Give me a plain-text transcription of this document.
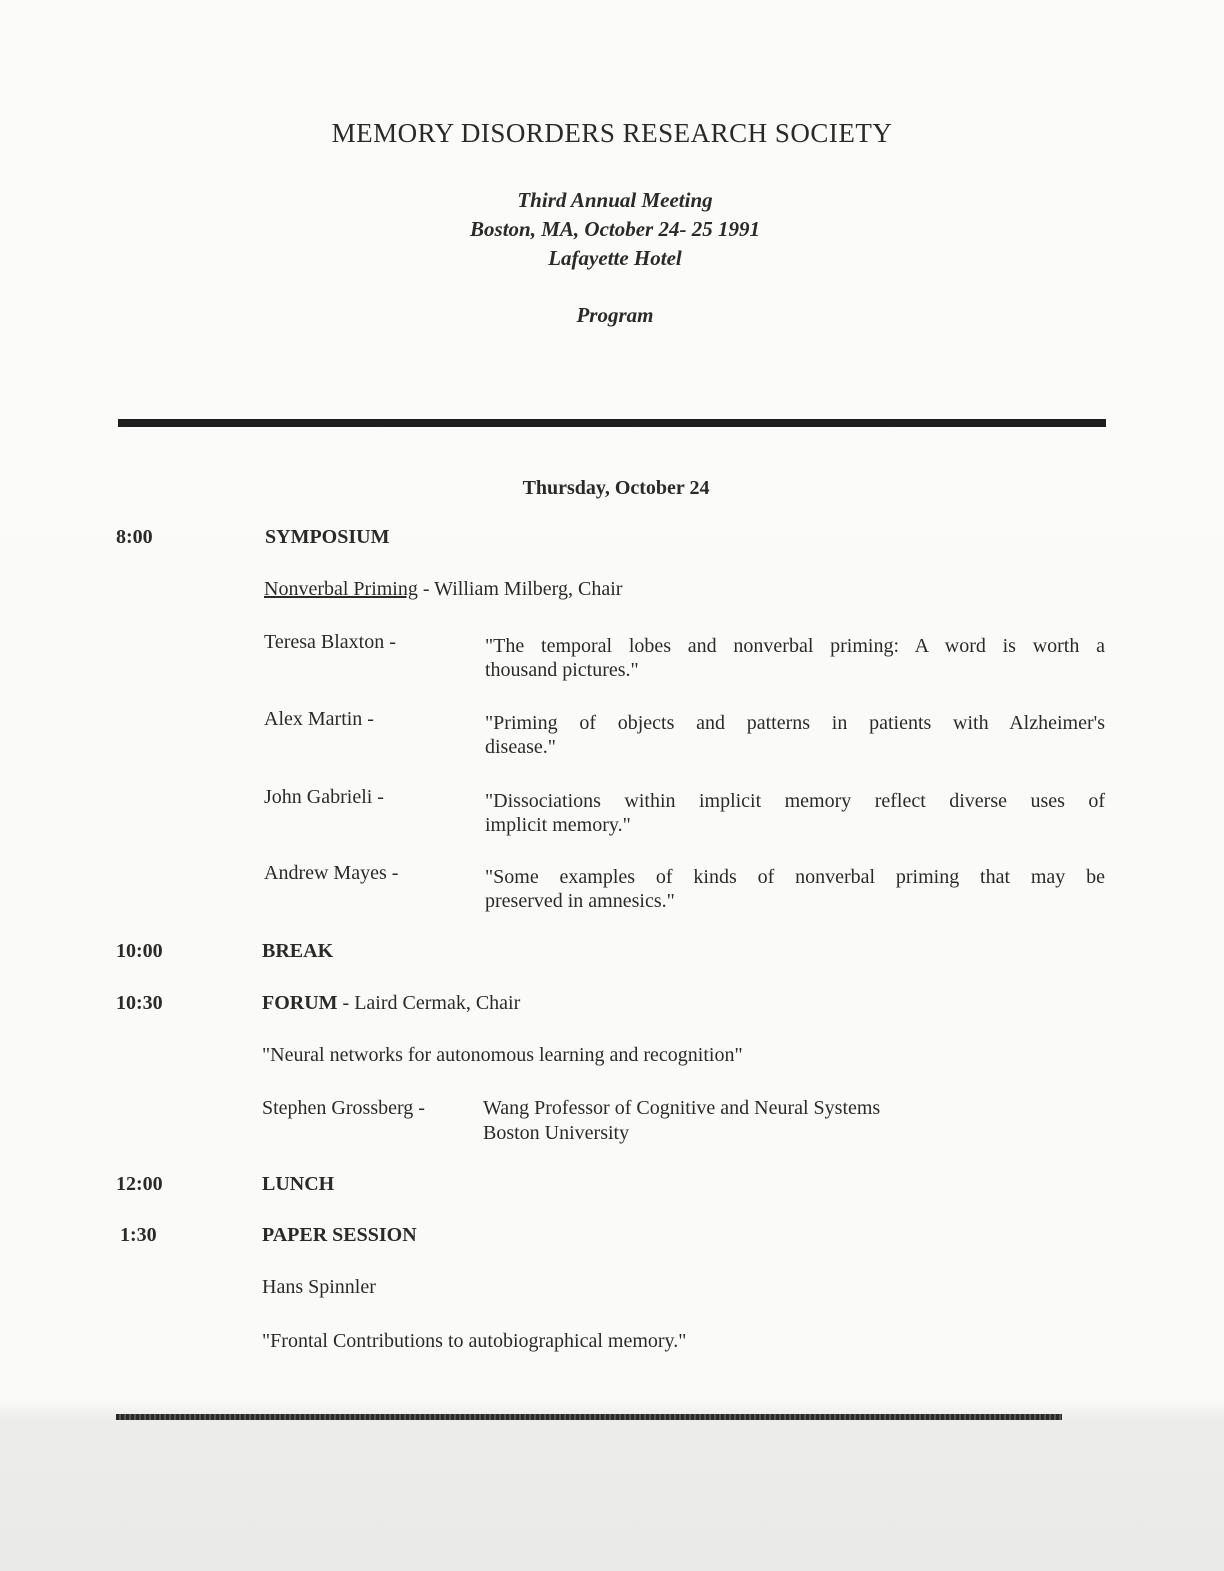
MEMORY DISORDERS RESEARCH SOCIETY
Third Annual Meeting
Boston, MA, October 24- 25 1991
Lafayette Hotel
Program
Thursday, October 24
8:00	SYMPOSIUM
Nonverbal Priming - William Milberg, Chair
Teresa Blaxton -	"The temporal lobes and nonverbal priming: A word is worth a
thousand pictures."
Alex Martin -	"Priming of objects and patterns in patients with Alzheimer's
disease."
John Gabrieli -	"Dissociations within implicit memory reflect diverse uses of
implicit memory."
Andrew Mayes -	"Some examples of kinds of nonverbal priming that may be
preserved in amnesics."
10:00	BREAK
10:30	FORUM - Laird Cermak, Chair
"Neural networks for autonomous learning and recognition"
Stephen Grossberg -	Wang Professor of Cognitive and Neural Systems
Boston University
12:00	LUNCH
1:30	PAPER SESSION
Hans Spinnler
"Frontal Contributions to autobiographical memory."
